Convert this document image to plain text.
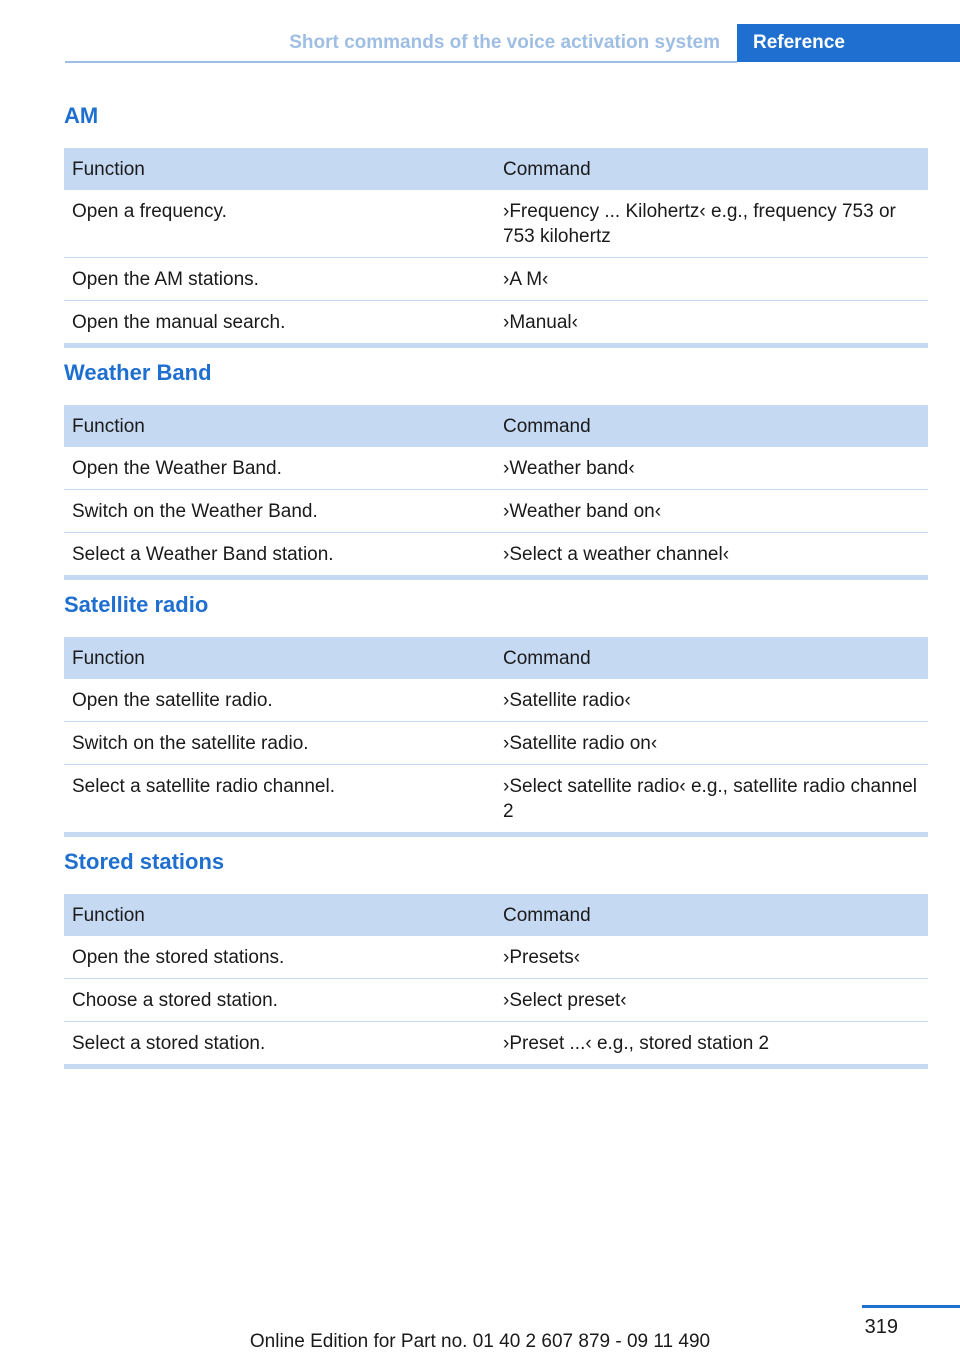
Short commands of the voice activation system	Reference
AM
Function	Command
Open a frequency.	›Frequency ... Kilohertz‹ e.g., frequency 753 or 753 kilohertz
Open the AM stations.	›A M‹
Open the manual search.	›Manual‹
Weather Band
Function	Command
Open the Weather Band.	›Weather band‹
Switch on the Weather Band.	›Weather band on‹
Select a Weather Band station.	›Select a weather channel‹
Satellite radio
Function	Command
Open the satellite radio.	›Satellite radio‹
Switch on the satellite radio.	›Satellite radio on‹
Select a satellite radio channel.	›Select satellite radio‹ e.g., satellite radio channel 2
Stored stations
Function	Command
Open the stored stations.	›Presets‹
Choose a stored station.	›Select preset‹
Select a stored station.	›Preset ...‹ e.g., stored station 2
319
Online Edition for Part no. 01 40 2 607 879 - 09 11 490
